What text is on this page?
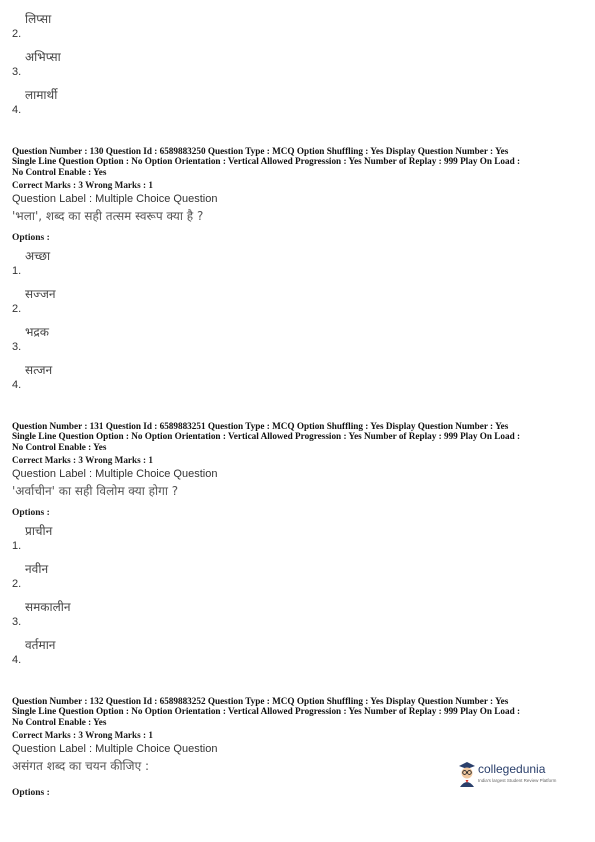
2.
लिप्सा
3.
अभिप्सा
4.
लामार्थी

Question Number : 130 Question Id : 6589883250 Question Type : MCQ Option Shuffling : Yes Display Question Number : Yes

Single Line Question Option : No Option Orientation : Vertical Allowed Progression : Yes Number of Replay : 999 Play On Load :

No Control Enable : Yes

Correct Marks : 3 Wrong Marks : 1
Question Label : Multiple Choice Question
'भला', शब्द का सही तत्सम स्वरूप क्या है ?
Options :
1.
अच्छा
2.
सज्जन
3.
भद्रक
4.
सत्जन

Question Number : 131 Question Id : 6589883251 Question Type : MCQ Option Shuffling : Yes Display Question Number : Yes

Single Line Question Option : No Option Orientation : Vertical Allowed Progression : Yes Number of Replay : 999 Play On Load :

No Control Enable : Yes

Correct Marks : 3 Wrong Marks : 1
Question Label : Multiple Choice Question
'अर्वाचीन' का सही विलोम क्या होगा ?
Options :
1.
प्राचीन
2.
नवीन
3.
समकालीन
4.
वर्तमान

Question Number : 132 Question Id : 6589883252 Question Type : MCQ Option Shuffling : Yes Display Question Number : Yes

Single Line Question Option : No Option Orientation : Vertical Allowed Progression : Yes Number of Replay : 999 Play On Load :

No Control Enable : Yes

Correct Marks : 3 Wrong Marks : 1
Question Label : Multiple Choice Question
असंगत शब्द का चयन कीजिए :
Options :
collegedunia
India's largest Student Review Platform
